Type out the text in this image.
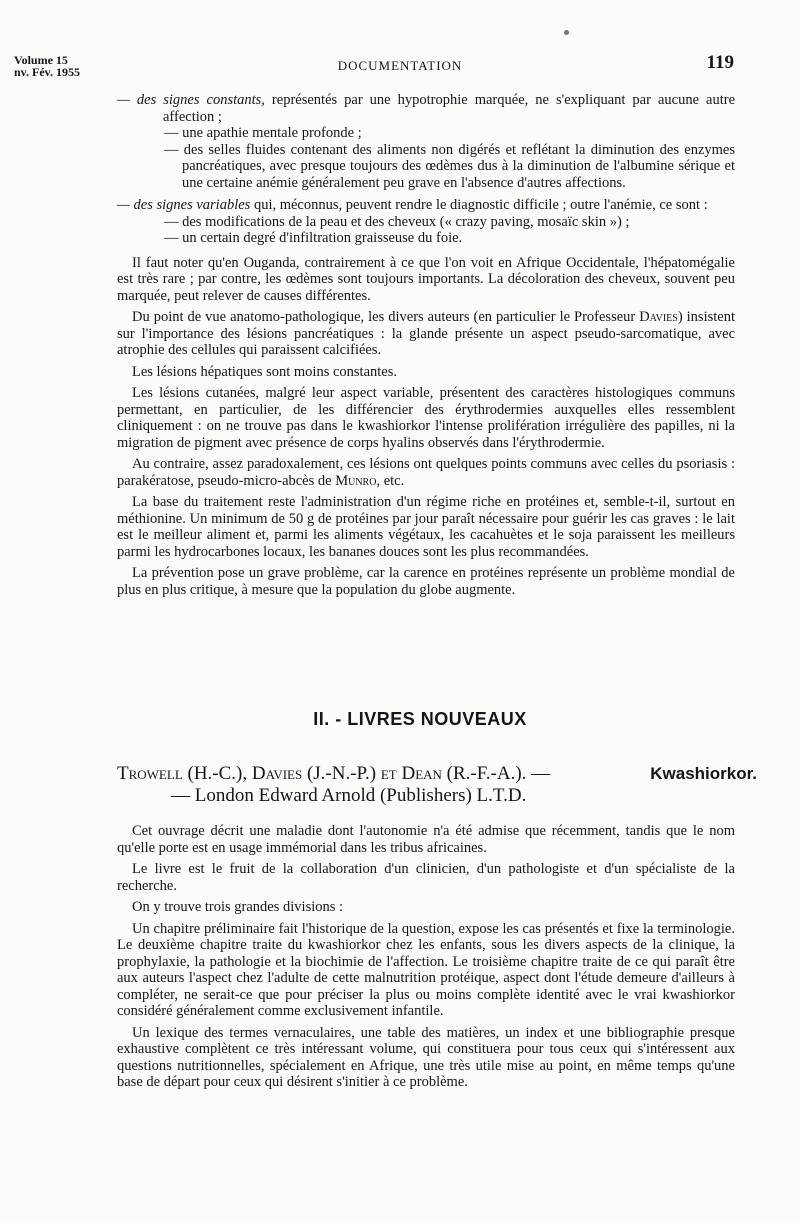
Volume 15
nv. Fév. 1955	DOCUMENTATION	119

— des signes constants, représentés par une hypotrophie marquée, ne s'expliquant par aucune autre affection ;

— une apathie mentale profonde ;

— des selles fluides contenant des aliments non digérés et reflétant la diminution des enzymes pancréatiques, avec presque toujours des œdèmes dus à la diminution de l'albumine sérique et une certaine anémie généralement peu grave en l'absence d'autres affections.

— des signes variables qui, méconnus, peuvent rendre le diagnostic difficile ; outre l'anémie, ce sont :

— des modifications de la peau et des cheveux (« crazy paving, mosaïc skin ») ;

— un certain degré d'infiltration graisseuse du foie.

Il faut noter qu'en Ouganda, contrairement à ce que l'on voit en Afrique Occidentale, l'hépatomégalie est très rare ; par contre, les œdèmes sont toujours importants. La décoloration des cheveux, souvent peu marquée, peut relever de causes différentes.

Du point de vue anatomo-pathologique, les divers auteurs (en particulier le Professeur Davies) insistent sur l'importance des lésions pancréatiques : la glande présente un aspect pseudo-sarcomatique, avec atrophie des cellules qui paraissent calcifiées.

Les lésions hépatiques sont moins constantes.

Les lésions cutanées, malgré leur aspect variable, présentent des caractères histologiques communs permettant, en particulier, de les différencier des érythrodermies auxquelles elles ressemblent cliniquement : on ne trouve pas dans le kwashiorkor l'intense prolifération irrégulière des papilles, ni la migration de pigment avec présence de corps hyalins observés dans l'érythrodermie.

Au contraire, assez paradoxalement, ces lésions ont quelques points communs avec celles du psoriasis : parakératose, pseudo-micro-abcès de Munro, etc.

La base du traitement reste l'administration d'un régime riche en protéines et, semble-t-il, surtout en méthionine. Un minimum de 50 g de protéines par jour paraît nécessaire pour guérir les cas graves : le lait est le meilleur aliment et, parmi les aliments végétaux, les cacahuètes et le soja paraissent les meilleurs parmi les hydrocarbones locaux, les bananes douces sont les plus recommandées.

La prévention pose un grave problème, car la carence en protéines représente un problème mondial de plus en plus critique, à mesure que la population du globe augmente.

II. - LIVRES NOUVEAUX
Trowell (H.-C.), Davies (J.-N.-P.) et Dean (R.-F.-A.). —	Kwashiorkor.
— London Edward Arnold (Publishers) L.T.D.

Cet ouvrage décrit une maladie dont l'autonomie n'a été admise que récemment, tandis que le nom qu'elle porte est en usage immémorial dans les tribus africaines.

Le livre est le fruit de la collaboration d'un clinicien, d'un pathologiste et d'un spécialiste de la recherche.

On y trouve trois grandes divisions :

Un chapitre préliminaire fait l'historique de la question, expose les cas présentés et fixe la terminologie. Le deuxième chapitre traite du kwashiorkor chez les enfants, sous les divers aspects de la clinique, la prophylaxie, la pathologie et la biochimie de l'affection. Le troisième chapitre traite de ce qui paraît être aux auteurs l'aspect chez l'adulte de cette malnutrition protéique, aspect dont l'étude demeure d'ailleurs à compléter, ne serait-ce que pour préciser la plus ou moins complète identité avec le vrai kwashiorkor considéré généralement comme exclusivement infantile.

Un lexique des termes vernaculaires, une table des matières, un index et une bibliographie presque exhaustive complètent ce très intéressant volume, qui constituera pour tous ceux qui s'intéressent aux questions nutritionnelles, spécialement en Afrique, une très utile mise au point, en même temps qu'une base de départ pour ceux qui désirent s'initier à ce problème.
